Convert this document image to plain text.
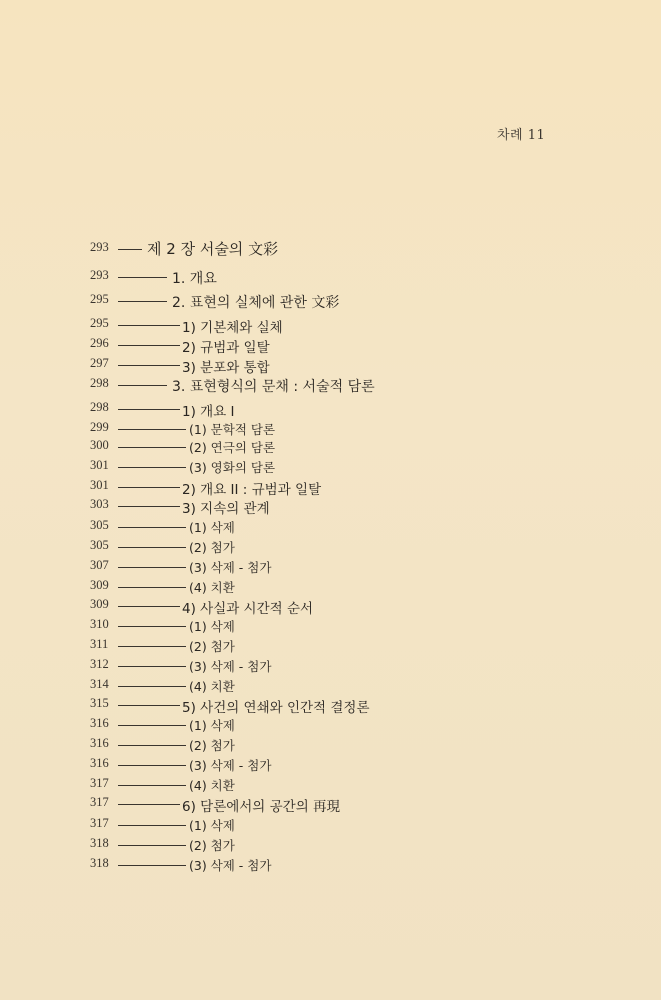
차례 11
293	제 2 장 서술의 文彩
293	1. 개요
295	2. 표현의 실체에 관한 文彩
295	1) 기본체와 실체
296	2) 규범과 일탈
297	3) 분포와 통합
298	3. 표현형식의 문채 : 서술적 담론
298	1) 개요 I
299	(1) 문학적 담론
300	(2) 연극의 담론
301	(3) 영화의 담론
301	2) 개요 II : 규범과 일탈
303	3) 지속의 관계
305	(1) 삭제
305	(2) 첨가
307	(3) 삭제 - 첨가
309	(4) 치환
309	4) 사실과 시간적 순서
310	(1) 삭제
311	(2) 첨가
312	(3) 삭제 - 첨가
314	(4) 치환
315	5) 사건의 연쇄와 인간적 결정론
316	(1) 삭제
316	(2) 첨가
316	(3) 삭제 - 첨가
317	(4) 치환
317	6) 담론에서의 공간의 再現
317	(1) 삭제
318	(2) 첨가
318	(3) 삭제 - 첨가
